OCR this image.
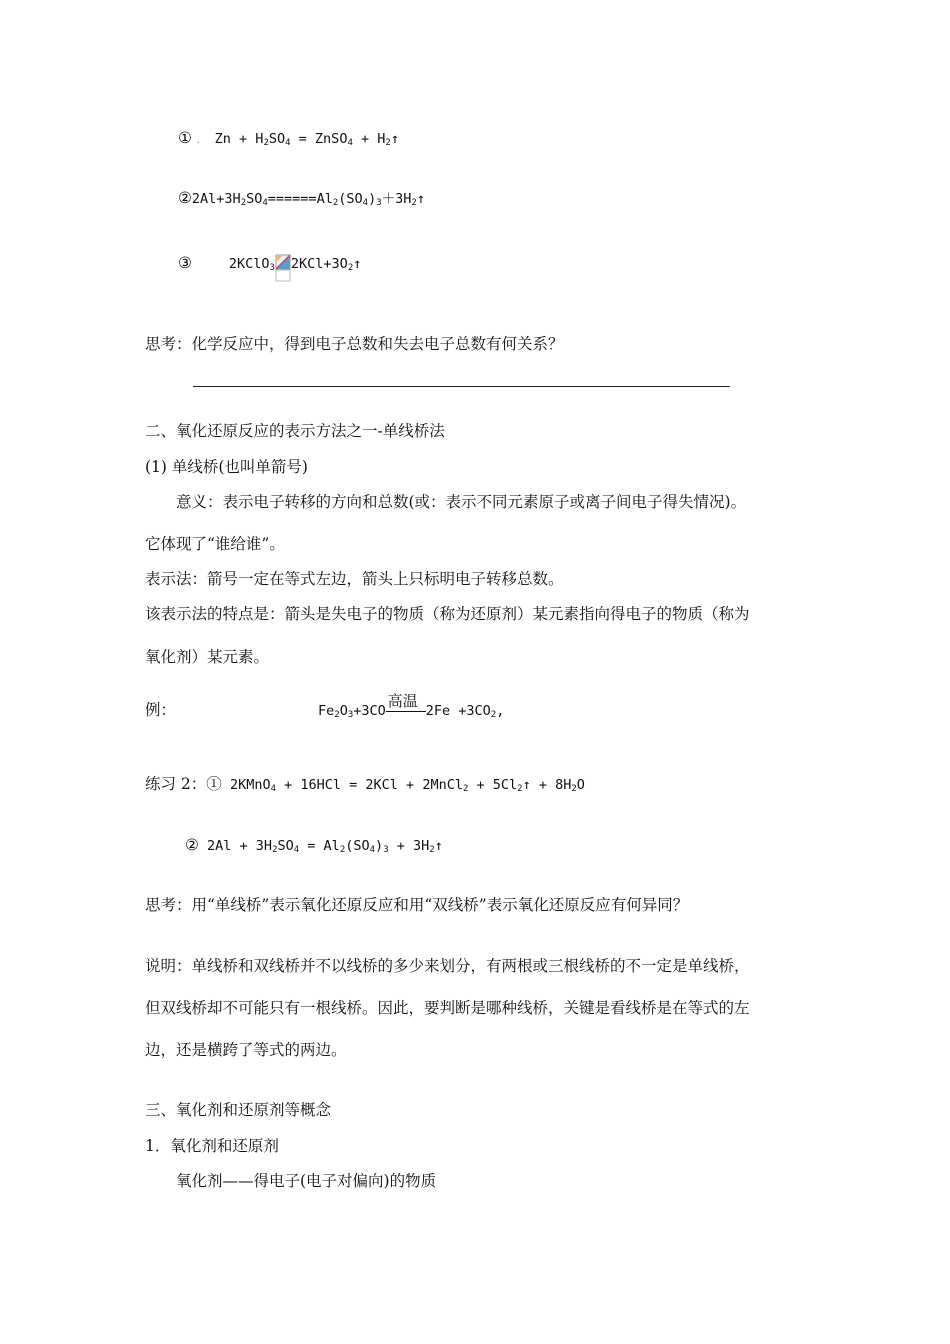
① . $Zn + H_2SO_4$ = ZnSO$_4$ + $H_2↑$
$②2Al+3H_2SO_4======Al_2(SO_4)_3+3H_2↑$
③	2KClO$_3$ $2KCl+3O_2↑$
思考：化学反应中，得到电子总数和失去电子总数有何关系？
二、氧化还原反应的表示方法之一-单线桥法
(1) 单线桥(也叫单箭号)
意义：表示电子转移的方向和总数(或：表示不同元素原子或离子间电子得失情况)。
它体现了“谁给谁”。
表示法：箭号一定在等式左边，箭头上只标明电子转移总数。
该表示法的特点是：箭头是失电子的物质（称为还原剂）某元素指向得电子的物质（称为
氧化剂）某元素。
例：	$Fe_2O_3+3CO$
高温
$2Fe +3CO_2$,
练习 2：① 2KMnO$_4$ + 16HCl = 2KCl + 2MnCl$_2$ + $5Cl_2↑ + 8H_2O$
② $2Al + 3H_2SO_4 = Al_2(SO_4)_3$ + $3H_2↑$
思考：用“单线桥”表示氧化还原反应和用“双线桥”表示氧化还原反应有何异同？
说明：单线桥和双线桥并不以线桥的多少来划分，有两根或三根线桥的不一定是单线桥，
但双线桥却不可能只有一根线桥。因此，要判断是哪种线桥，关键是看线桥是在等式的左
边，还是横跨了等式的两边。
三、氧化剂和还原剂等概念
1．氧化剂和还原剂
氧化剂——得电子(电子对偏向)的物质
